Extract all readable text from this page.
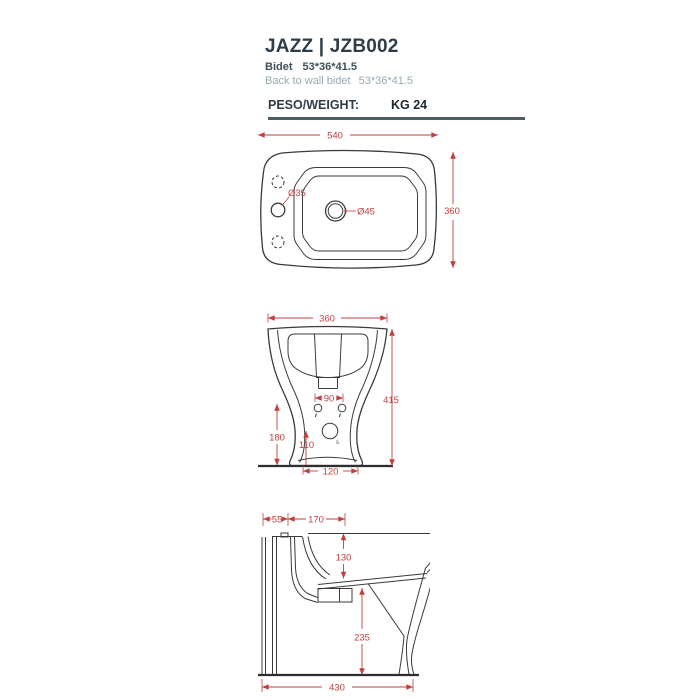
JAZZ | JZB002
Bidet 53*36*41.5
Back to wall bidet 53*36*41.5
PESO/WEIGHT:	KG 24
540
360
Ø35
Ø45
360
90
s
180
110
120
415
55	170
130
235
430
